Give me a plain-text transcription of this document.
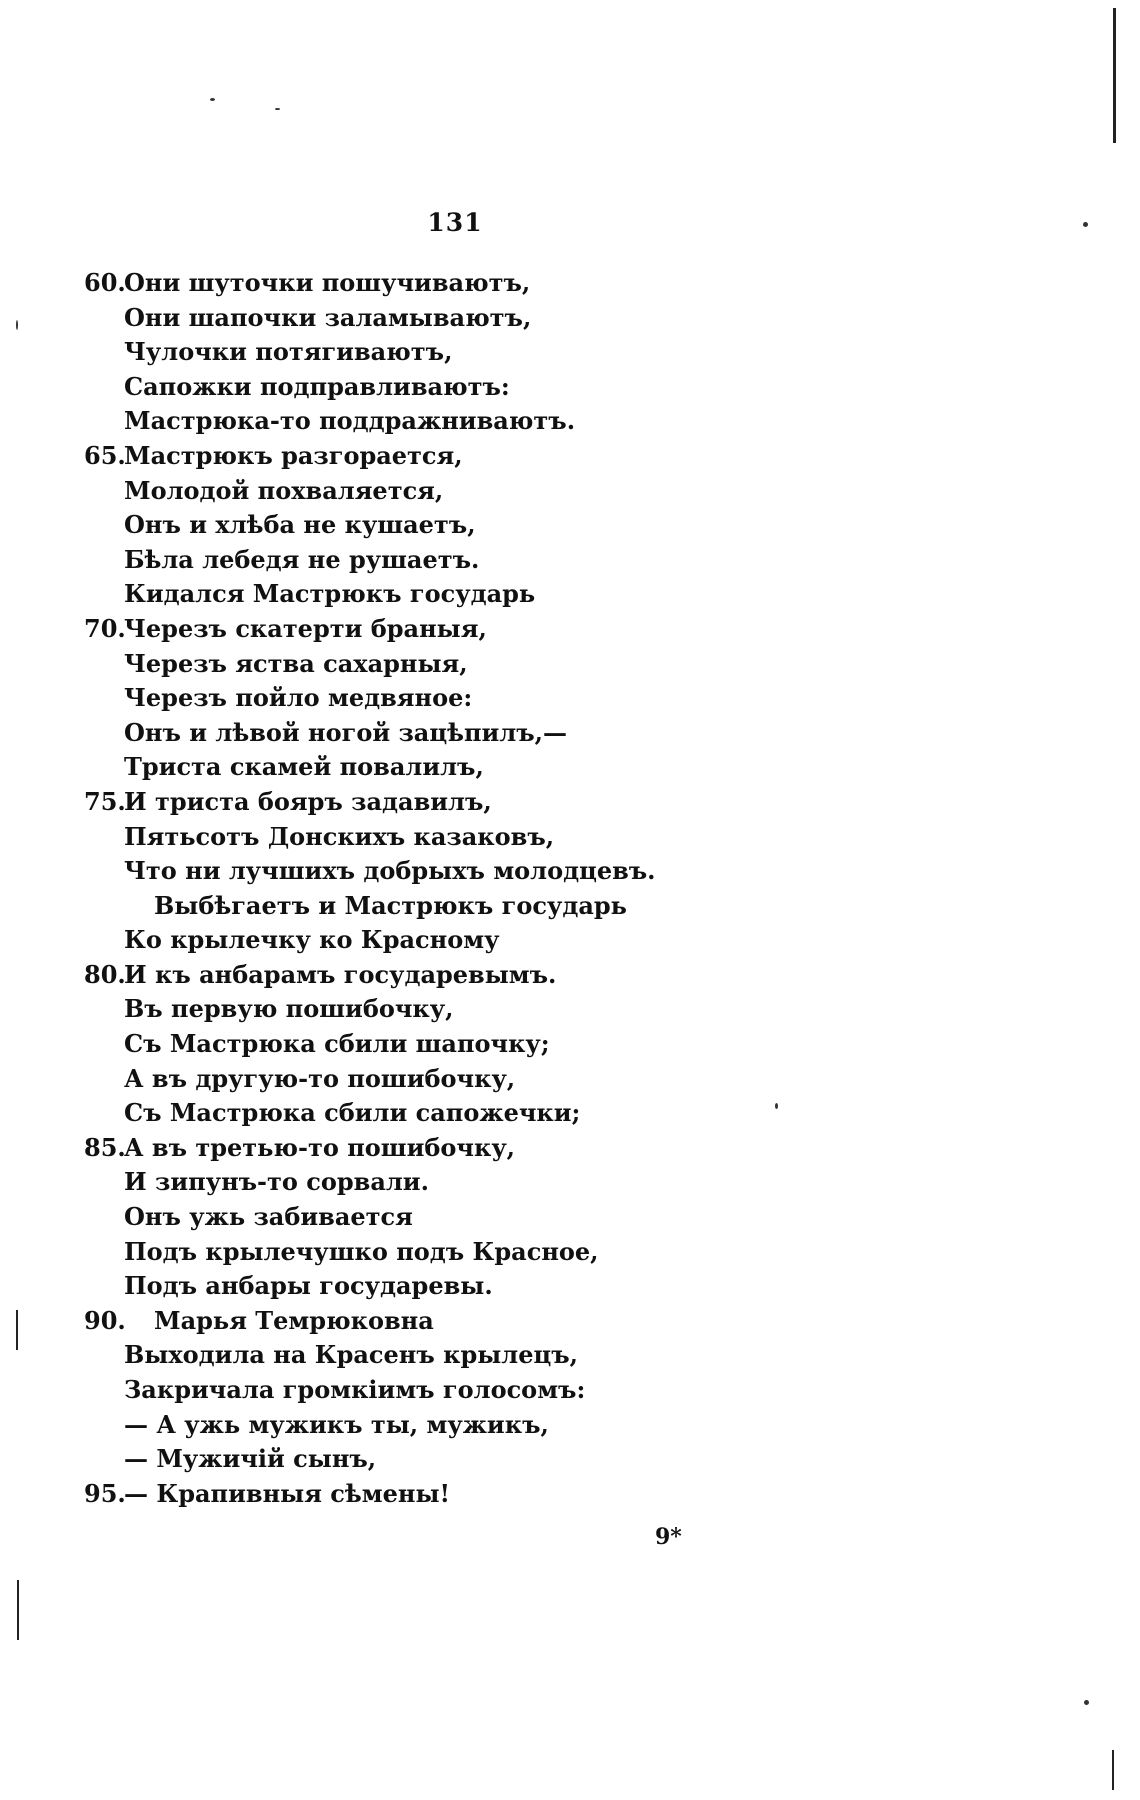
131
60.
Они шуточки пошучиваютъ,
Они шапочки заламываютъ,
Чулочки потягиваютъ,
Сапожки подправливаютъ:
Мастрюка-то поддражниваютъ.
65.
Мастрюкъ разгорается,
Молодой похваляется,
Онъ и хлѣба не кушаетъ,
Бѣла лебедя не рушаетъ.
Кидался Мастрюкъ государь
70.
Черезъ скатерти браныя,
Черезъ яства сахарныя,
Черезъ пойло медвяное:
Онъ и лѣвой ногой зацѣпилъ,—
Триста скамей повалилъ,
75.
И триста бояръ задавилъ,
Пятьсотъ Донскихъ казаковъ,
Что ни лучшихъ добрыхъ молодцевъ.
Выбѣгаетъ и Мастрюкъ государь
Ко крылечку ко Красному
80.
И къ анбарамъ государевымъ.
Въ первую пошибочку,
Съ Мастрюка сбили шапочку;
А въ другую-то пошибочку,
Съ Мастрюка сбили сапожечки;
85.
А въ третью-то пошибочку,
И зипунъ-то сорвали.
Онъ ужь забивается
Подъ крылечушко подъ Красное,
Подъ анбары государевы.
90. Марья Темрюковна
Выходила на Красенъ крылецъ,
Закричала громкiимъ голосомъ:
— А ужь мужикъ ты, мужикъ,
— Мужичiй сынъ,
95.
— Крапивныя сѣмены!
9*
